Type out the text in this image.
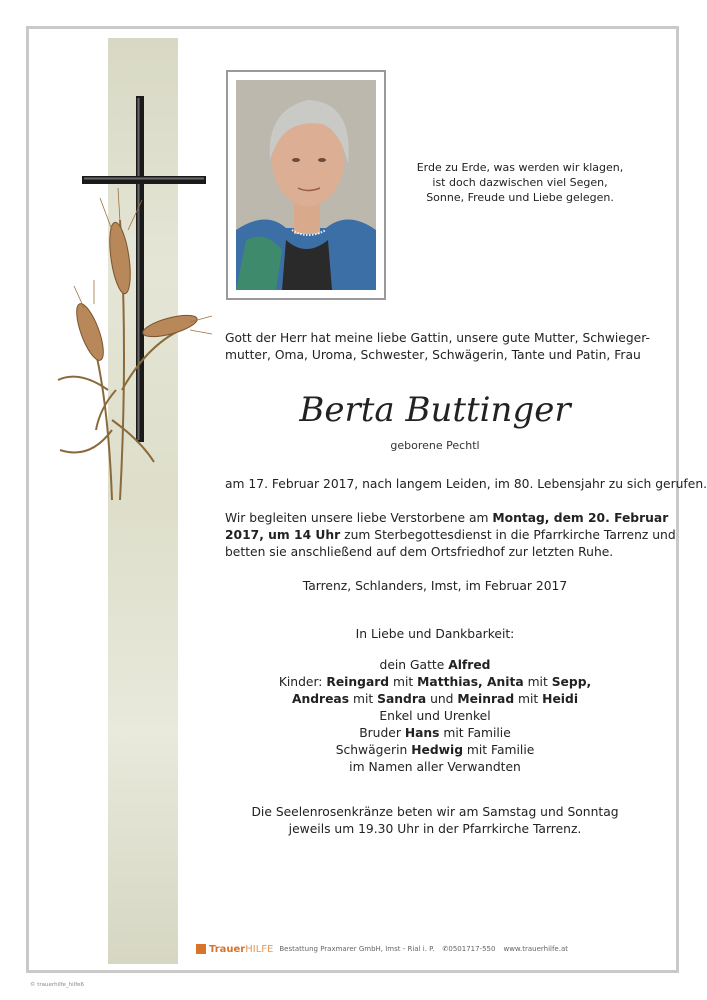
Erde zu Erde, was werden wir klagen,
ist doch dazwischen viel Segen,
Sonne, Freude und Liebe gelegen.
Gott der Herr hat meine liebe Gattin, unsere gute Mutter, Schwieger-
mutter, Oma, Uroma, Schwester, Schwägerin, Tante und Patin, Frau
Berta Buttinger
geborene Pechtl
am 17. Februar 2017, nach langem Leiden, im 80. Lebensjahr zu sich gerufen.
Wir begleiten unsere liebe Verstorbene am Montag, dem 20. Februar
2017, um 14 Uhr zum Sterbegottesdienst in die Pfarrkirche Tarrenz und
betten sie anschließend auf dem Ortsfriedhof zur letzten Ruhe.
Tarrenz, Schlanders, Imst, im Februar 2017
In Liebe und Dankbarkeit:
dein Gatte Alfred
Kinder: Reingard mit Matthias, Anita mit Sepp,
Andreas mit Sandra und Meinrad mit Heidi
Enkel und Urenkel
Bruder Hans mit Familie
Schwägerin Hedwig mit Familie
im Namen aller Verwandten
Die Seelenrosenkränze beten wir am Samstag und Sonntag
jeweils um 19.30 Uhr in der Pfarrkirche Tarrenz.
Trauer HILFE Bestattung Praxmarer GmbH, Imst - Rial i. P. ✆0501717-550 www.trauerhilfe.at
© trauerhilfe_hilfe6
